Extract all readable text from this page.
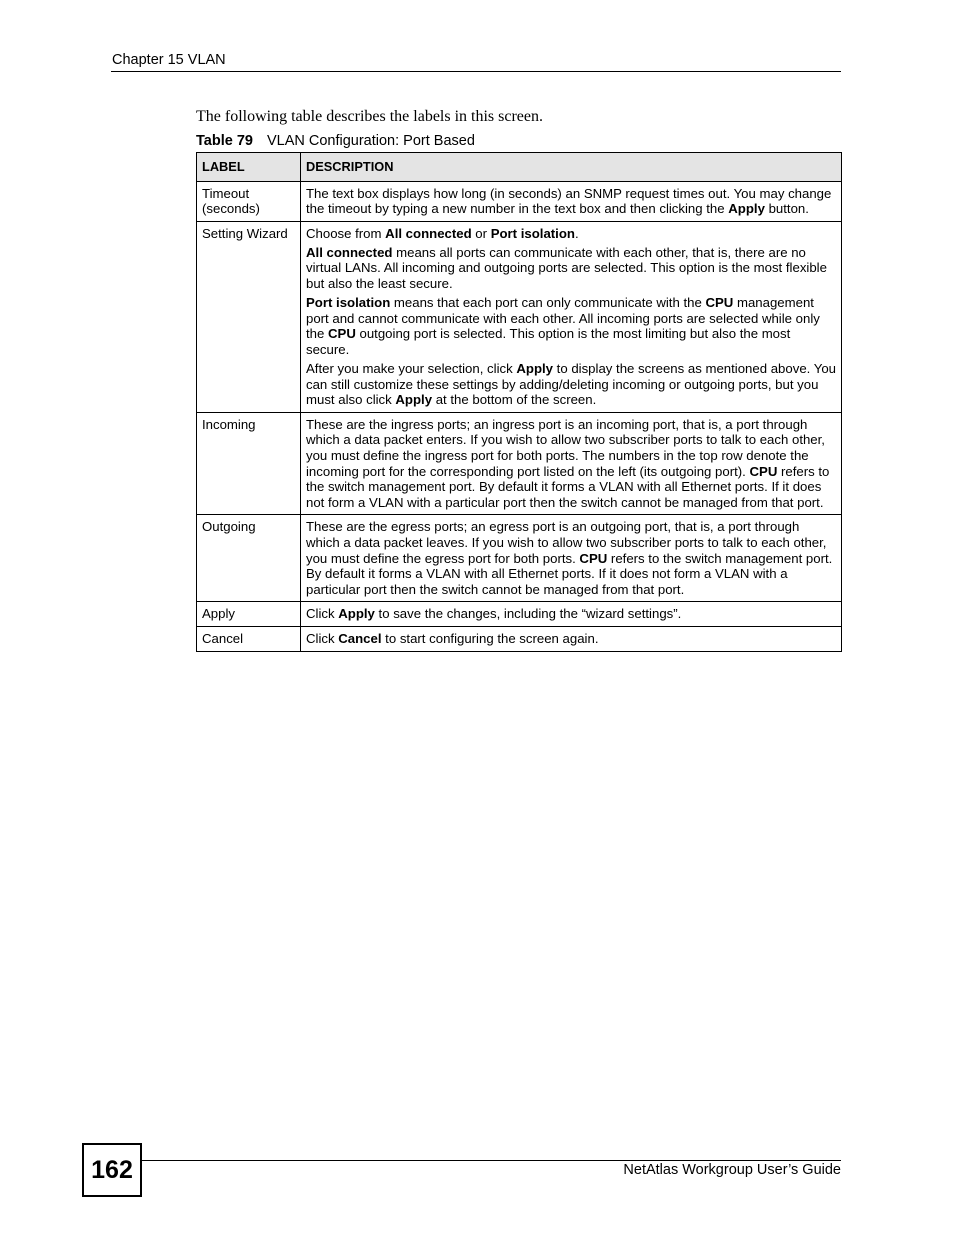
Chapter 15 VLAN
The following table describes the labels in this screen.
Table 79 VLAN Configuration: Port Based
LABEL	DESCRIPTION
Timeout (seconds)	The text box displays how long (in seconds) an SNMP request times out. You may change the timeout by typing a new number in the text box and then clicking the Apply button.

Setting Wizard	Choose from All connected or Port isolation.

All connected means all ports can communicate with each other, that is, there are no virtual LANs. All incoming and outgoing ports are selected. This option is the most flexible but also the least secure.

Port isolation means that each port can only communicate with the CPU management port and cannot communicate with each other. All incoming ports are selected while only the CPU outgoing port is selected. This option is the most limiting but also the most secure.

After you make your selection, click Apply to display the screens as mentioned above. You can still customize these settings by adding/deleting incoming or outgoing ports, but you must also click Apply at the bottom of the screen.

Incoming	These are the ingress ports; an ingress port is an incoming port, that is, a port through which a data packet enters. If you wish to allow two subscriber ports to talk to each other, you must define the ingress port for both ports. The numbers in the top row denote the incoming port for the corresponding port listed on the left (its outgoing port). CPU refers to the switch management port. By default it forms a VLAN with all Ethernet ports. If it does not form a VLAN with a particular port then the switch cannot be managed from that port.

Outgoing	These are the egress ports; an egress port is an outgoing port, that is, a port through which a data packet leaves. If you wish to allow two subscriber ports to talk to each other, you must define the egress port for both ports. CPU refers to the switch management port. By default it forms a VLAN with all Ethernet ports. If it does not form a VLAN with a particular port then the switch cannot be managed from that port.

Apply	Click Apply to save the changes, including the “wizard settings”.

Cancel	Click Cancel to start configuring the screen again.

162	NetAtlas Workgroup User’s Guide
